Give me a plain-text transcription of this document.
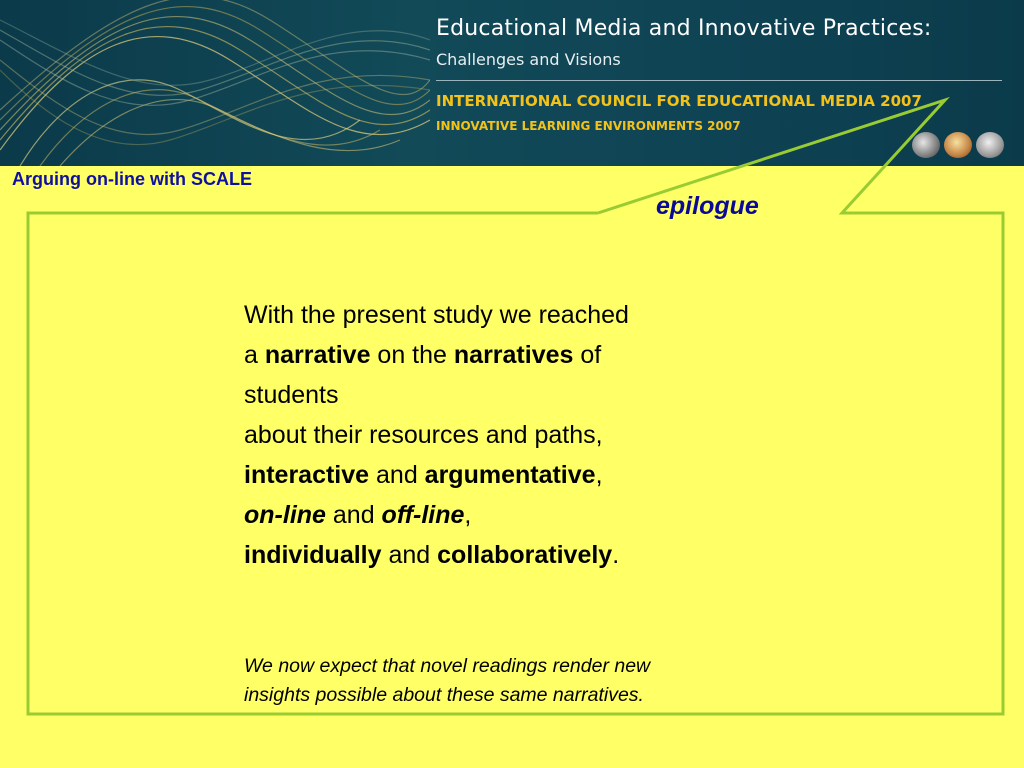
Educational Media and Innovative Practices:
Challenges and Visions
INTERNATIONAL COUNCIL FOR EDUCATIONAL MEDIA 2007
INNOVATIVE LEARNING ENVIRONMENTS 2007
Arguing on-line with SCALE
epilogue
With the present study we reached
a narrative on the narratives of
students
about their resources and paths,
interactive and argumentative,
on-line and off-line,
individually and collaboratively.
We now expect that novel readings render new
insights possible about these same narratives.
